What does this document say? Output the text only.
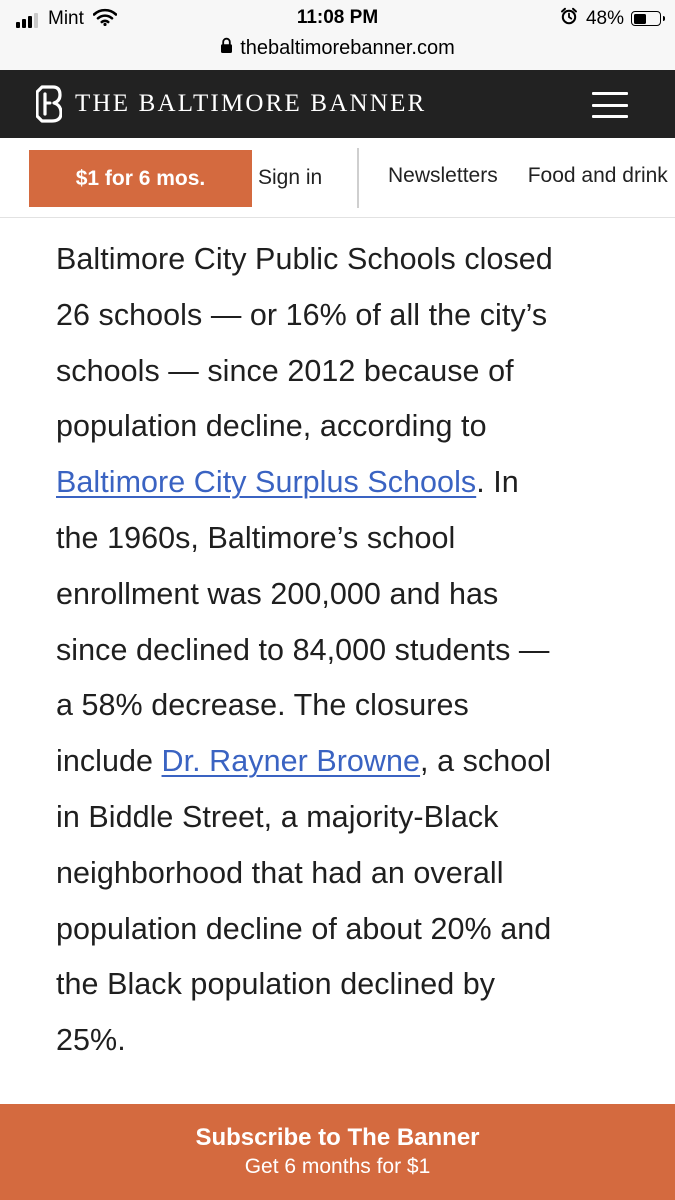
Mint	11:08 PM	48%
thebaltimorebanner.com
THE BALTIMORE BANNER
$1 for 6 mos.	Sign in	Newsletters Food and drink
Baltimore City Public Schools closed
26 schools — or 16% of all the city’s
schools — since 2012 because of
population decline, according to
Baltimore City Surplus Schools. In
the 1960s, Baltimore’s school
enrollment was 200,000 and has
since declined to 84,000 students —
a 58% decrease. The closures
include Dr. Rayner Browne, a school
in Biddle Street, a majority-Black
neighborhood that had an overall
population decline of about 20% and
the Black population declined by
25%.
Subscribe to The Banner
Get 6 months for $1
